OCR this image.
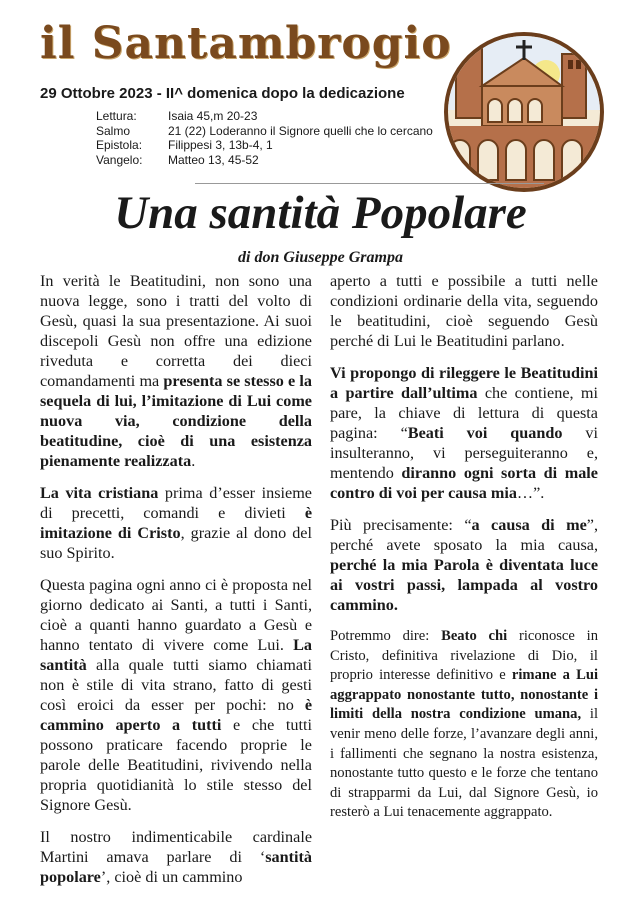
il Santambrogio
29 Ottobre 2023 - II^ domenica dopo la dedicazione
Lettura:	Isaia 45,m 20-23
Salmo	21 (22) Loderanno il Signore quelli che lo cercano
Epistola:	Filippesi 3, 13b-4, 1
Vangelo:	Matteo 13, 45-52
Una santità Popolare
di don Giuseppe Grampa

In verità le Beatitudini, non sono una nuova legge, sono i tratti del volto di Gesù, quasi la sua presentazione. Ai suoi discepoli Gesù non offre una edizione riveduta e corretta dei dieci comandamenti ma presenta se stesso e la sequela di lui, l’imitazione di Lui come nuova via, condizione della beatitudine, cioè di una esistenza pienamente realizzata.

La vita cristiana prima d’esser insieme di precetti, comandi e divieti è imitazione di Cristo, grazie al dono del suo Spirito.

Questa pagina ogni anno ci è proposta nel giorno dedicato ai Santi, a tutti i Santi, cioè a quanti hanno guardato a Gesù e hanno tentato di vivere come Lui. La santità alla quale tutti siamo chiamati non è stile di vita strano, fatto di gesti così eroici da esser per pochi: no è cammino aperto a tutti e che tutti possono praticare facendo proprie le parole delle Beatitudini, rivivendo nella propria quotidianità lo stile stesso del Signore Gesù.

Il nostro indimenticabile cardinale Martini amava parlare di ‘santità popolare’, cioè di un cammino

aperto a tutti e possibile a tutti nelle condizioni ordinarie della vita, seguendo le beatitudini, cioè seguendo Gesù perché di Lui le Beatitudini parlano.

Vi propongo di rileggere le Beatitudini a partire dall’ultima che contiene, mi pare, la chiave di lettura di questa pagina: “Beati voi quando vi insulteranno, vi perseguiteranno e, mentendo diranno ogni sorta di male contro di voi per causa mia…”.

Più precisamente: “a causa di me”, perché avete sposato la mia causa, perché la mia Parola è diventata luce ai vostri passi, lampada al vostro cammino.

Potremmo dire: Beato chi riconosce in Cristo, definitiva rivelazione di Dio, il proprio interesse definitivo e rimane a Lui aggrappato nonostante tutto, nonostante i limiti della nostra condizione umana, il venir meno delle forze, l’avanzare degli anni, i fallimenti che segnano la nostra esistenza, nonostante tutto questo e le forze che tentano di strapparmi da Lui, dal Signore Gesù, io resterò a Lui tenacemente aggrappato.
